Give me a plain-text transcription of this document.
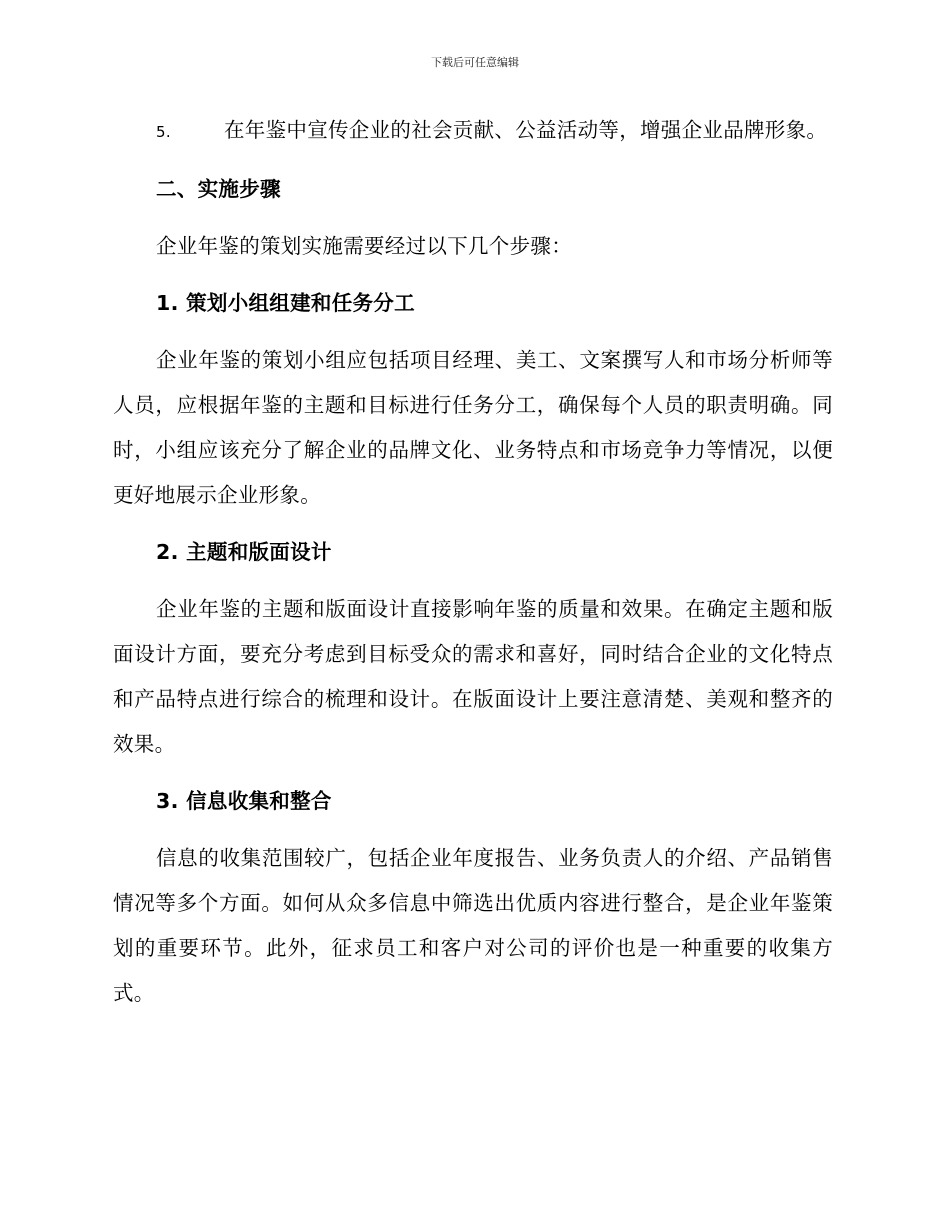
下载后可任意编辑

5.	在年鉴中宣传企业的社会贡献、公益活动等，增强企业品牌形象。

二、实施步骤

企业年鉴的策划实施需要经过以下几个步骤：

1. 策划小组组建和任务分工

企业年鉴的策划小组应包括项目经理、美工、文案撰写人和市场分析师等人员，应根据年鉴的主题和目标进行任务分工，确保每个人员的职责明确。同时，小组应该充分了解企业的品牌文化、业务特点和市场竞争力等情况，以便更好地展示企业形象。

2. 主题和版面设计

企业年鉴的主题和版面设计直接影响年鉴的质量和效果。在确定主题和版面设计方面，要充分考虑到目标受众的需求和喜好，同时结合企业的文化特点和产品特点进行综合的梳理和设计。在版面设计上要注意清楚、美观和整齐的效果。

3. 信息收集和整合

信息的收集范围较广，包括企业年度报告、业务负责人的介绍、产品销售情况等多个方面。如何从众多信息中筛选出优质内容进行整合，是企业年鉴策划的重要环节。此外，征求员工和客户对公司的评价也是一种重要的收集方式。
